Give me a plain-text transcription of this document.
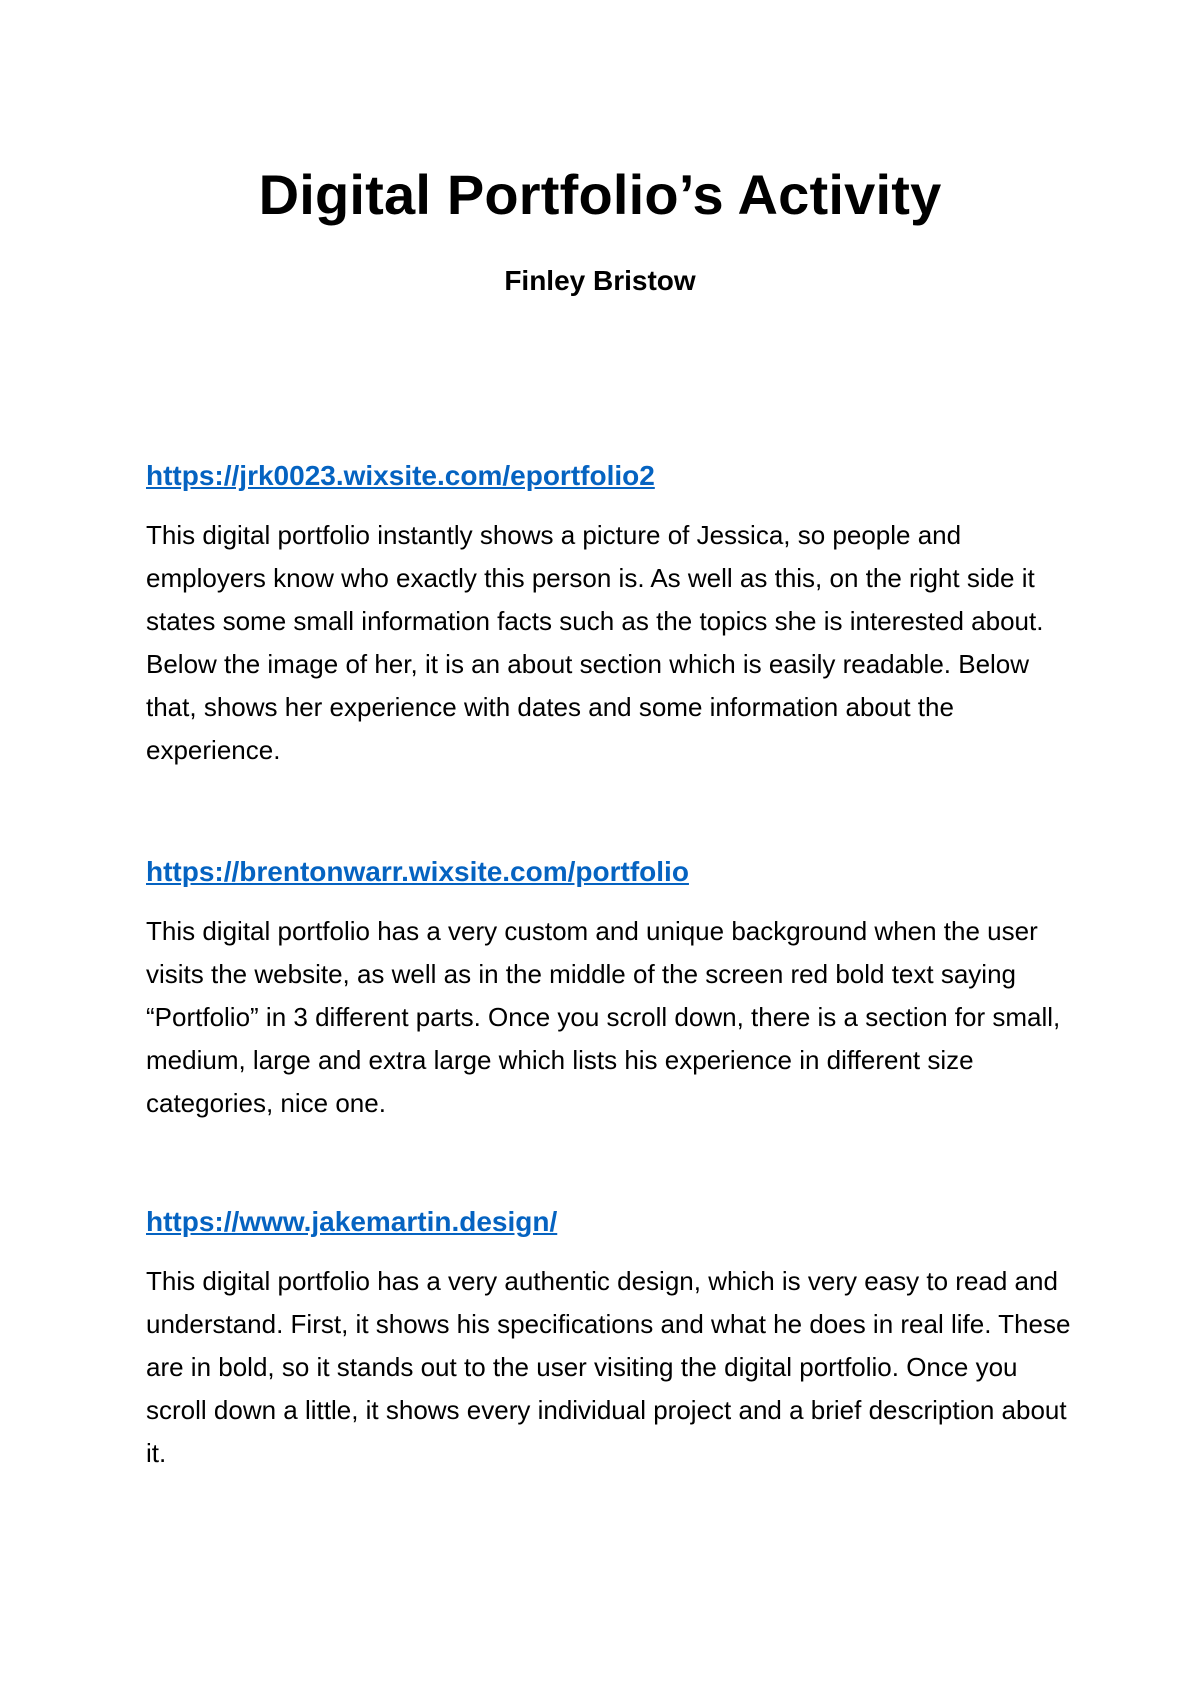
Digital Portfolio’s Activity
Finley Bristow
https://jrk0023.wixsite.com/eportfolio2

This digital portfolio instantly shows a picture of Jessica, so people and employers know who exactly this person is. As well as this, on the right side it states some small information facts such as the topics she is interested about. Below the image of her, it is an about section which is easily readable. Below that, shows her experience with dates and some information about the experience.

https://brentonwarr.wixsite.com/portfolio

This digital portfolio has a very custom and unique background when the user visits the website, as well as in the middle of the screen red bold text saying “Portfolio” in 3 different parts. Once you scroll down, there is a section for small, medium, large and extra large which lists his experience in different size categories, nice one.

https://www.jakemartin.design/

This digital portfolio has a very authentic design, which is very easy to read and understand. First, it shows his specifications and what he does in real life. These are in bold, so it stands out to the user visiting the digital portfolio. Once you scroll down a little, it shows every individual project and a brief description about it.
